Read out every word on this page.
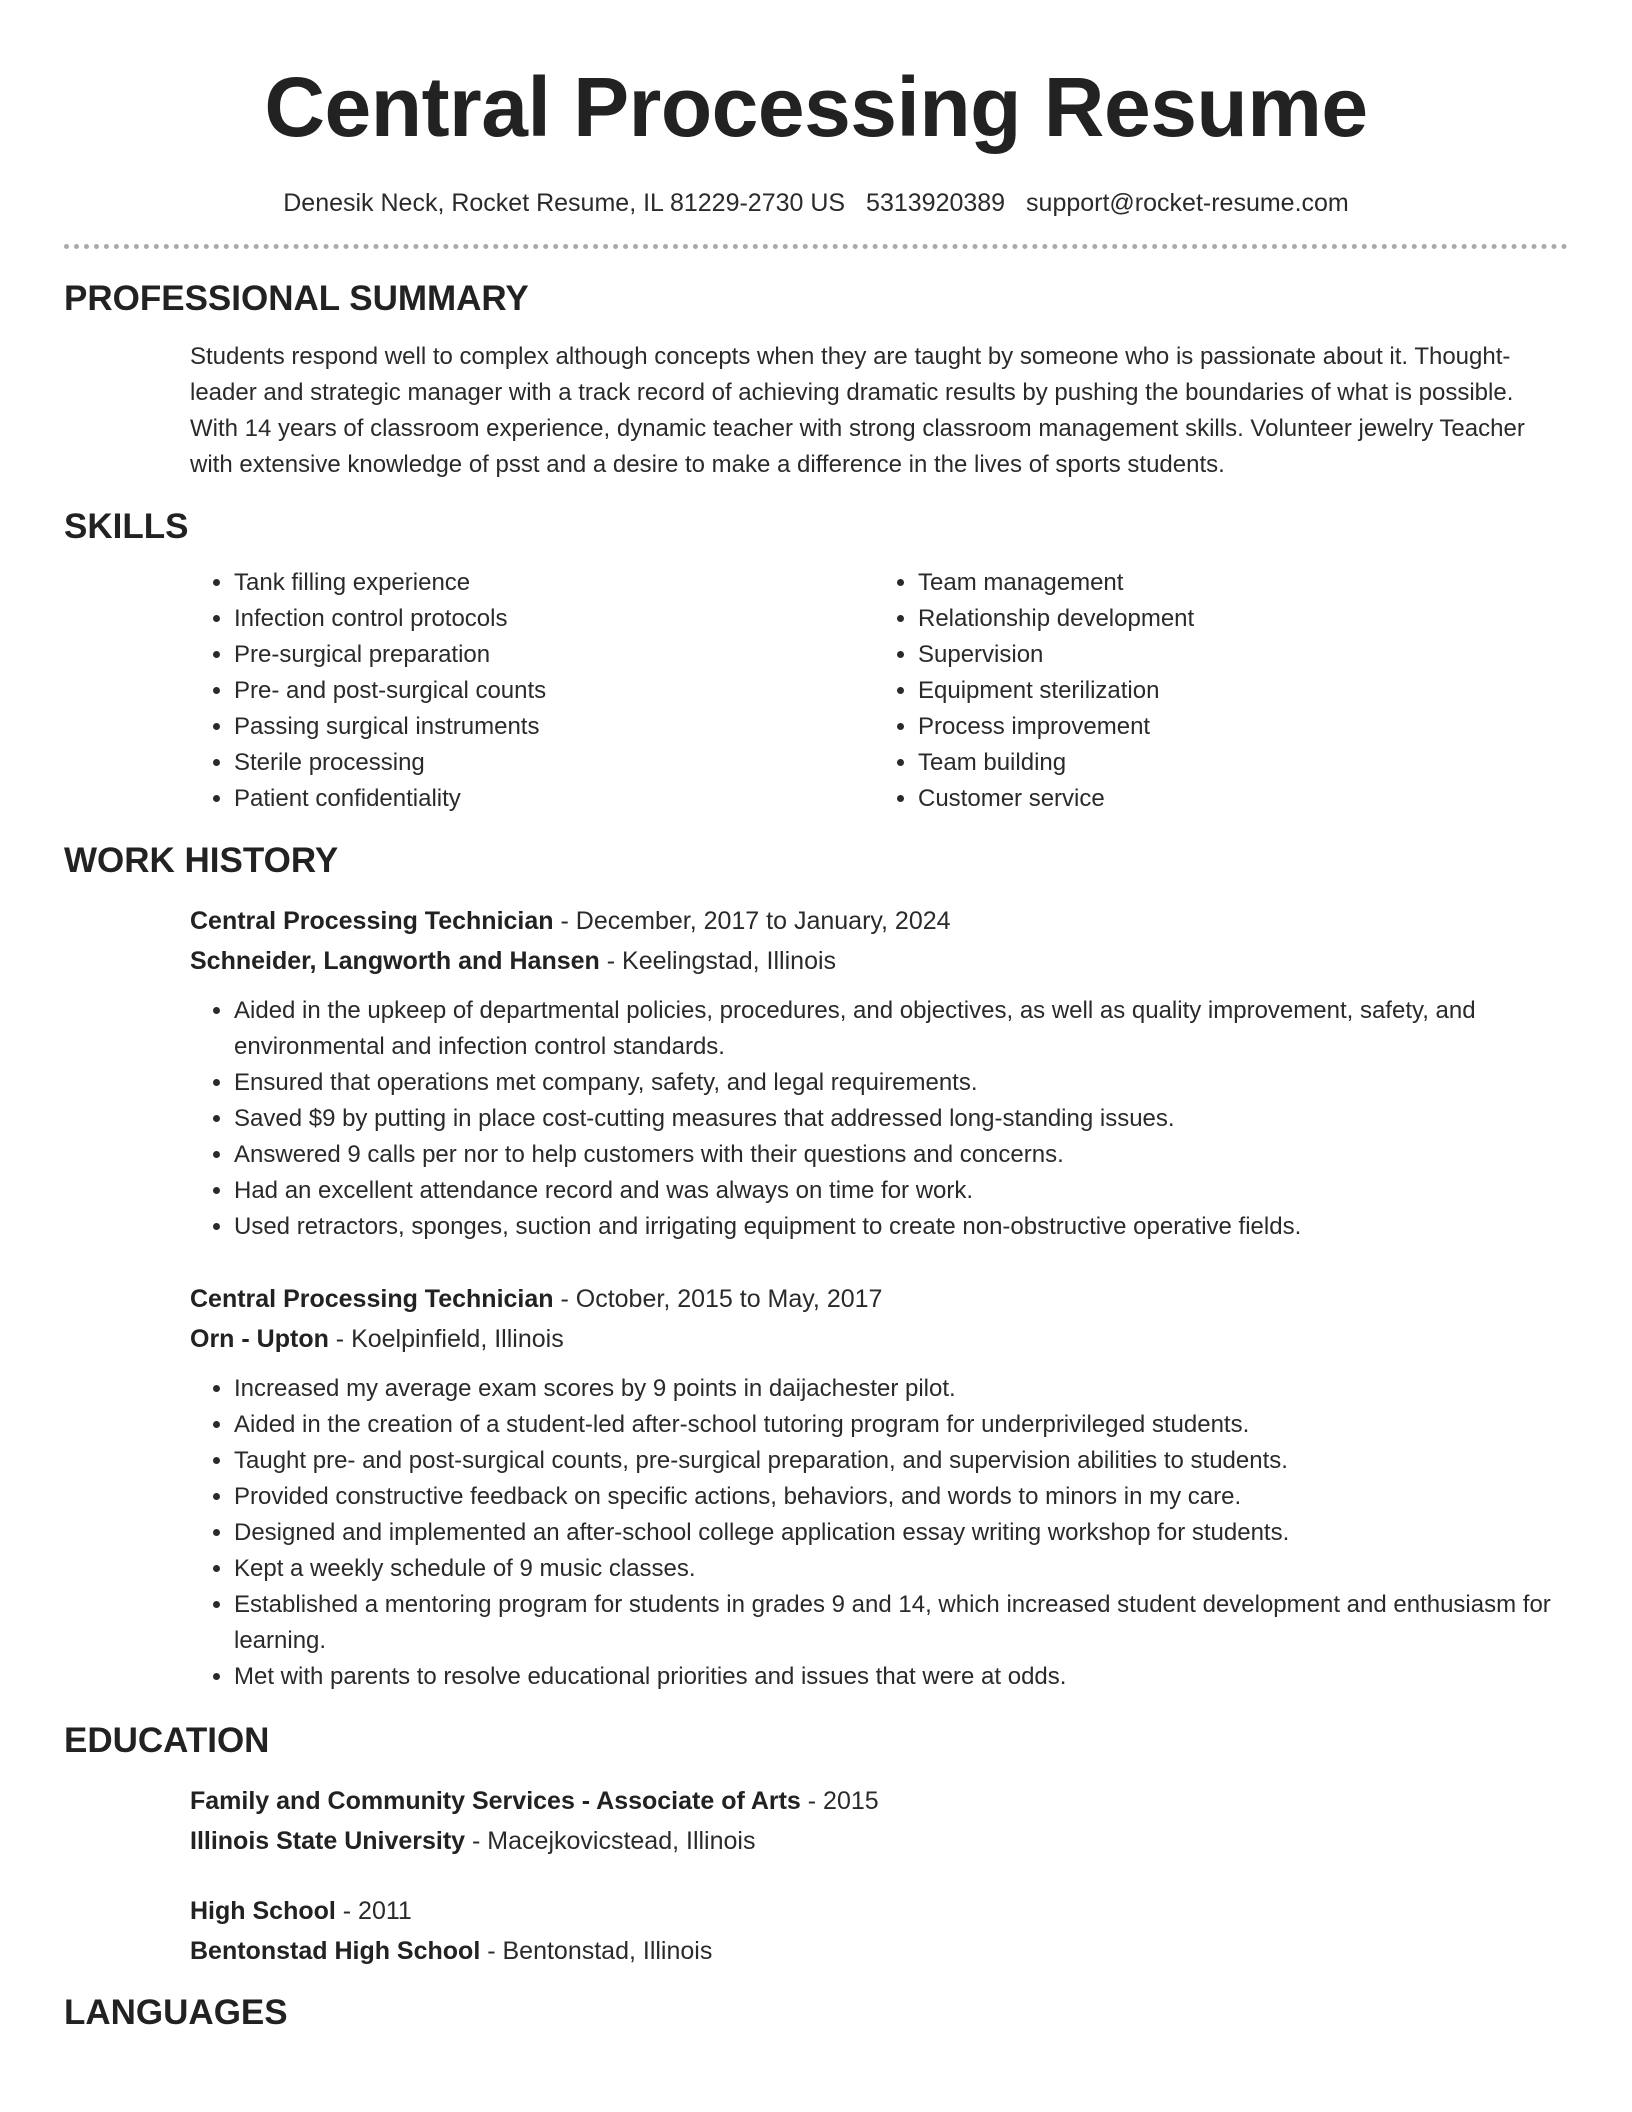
Central Processing Resume
Denesik Neck, Rocket Resume, IL 81229-2730 US 5313920389 support@rocket-resume.com
PROFESSIONAL SUMMARY

Students respond well to complex although concepts when they are taught by someone who is passionate about it. Thought-leader and strategic manager with a track record of achieving dramatic results by pushing the boundaries of what is possible. With 14 years of classroom experience, dynamic teacher with strong classroom management skills. Volunteer jewelry Teacher with extensive knowledge of psst and a desire to make a difference in the lives of sports students.

SKILLS
• Tank filling experience
• Infection control protocols
• Pre-surgical preparation
• Pre- and post-surgical counts
• Passing surgical instruments
• Sterile processing
• Patient confidentiality
• Team management
• Relationship development
• Supervision
• Equipment sterilization
• Process improvement
• Team building
• Customer service
WORK HISTORY
Central Processing Technician - December, 2017 to January, 2024
Schneider, Langworth and Hansen - Keelingstad, Illinois
• Aided in the upkeep of departmental policies, procedures, and objectives, as well as quality improvement, safety, and environmental and infection control standards.
• Ensured that operations met company, safety, and legal requirements.
• Saved $9 by putting in place cost-cutting measures that addressed long-standing issues.
• Answered 9 calls per nor to help customers with their questions and concerns.
• Had an excellent attendance record and was always on time for work.
• Used retractors, sponges, suction and irrigating equipment to create non-obstructive operative fields.
Central Processing Technician - October, 2015 to May, 2017
Orn - Upton - Koelpinfield, Illinois
• Increased my average exam scores by 9 points in daijachester pilot.
• Aided in the creation of a student-led after-school tutoring program for underprivileged students.
• Taught pre- and post-surgical counts, pre-surgical preparation, and supervision abilities to students.
• Provided constructive feedback on specific actions, behaviors, and words to minors in my care.
• Designed and implemented an after-school college application essay writing workshop for students.
• Kept a weekly schedule of 9 music classes.
• Established a mentoring program for students in grades 9 and 14, which increased student development and enthusiasm for learning.
• Met with parents to resolve educational priorities and issues that were at odds.
EDUCATION
Family and Community Services - Associate of Arts - 2015
Illinois State University - Macejkovicstead, Illinois
High School - 2011
Bentonstad High School - Bentonstad, Illinois
LANGUAGES
